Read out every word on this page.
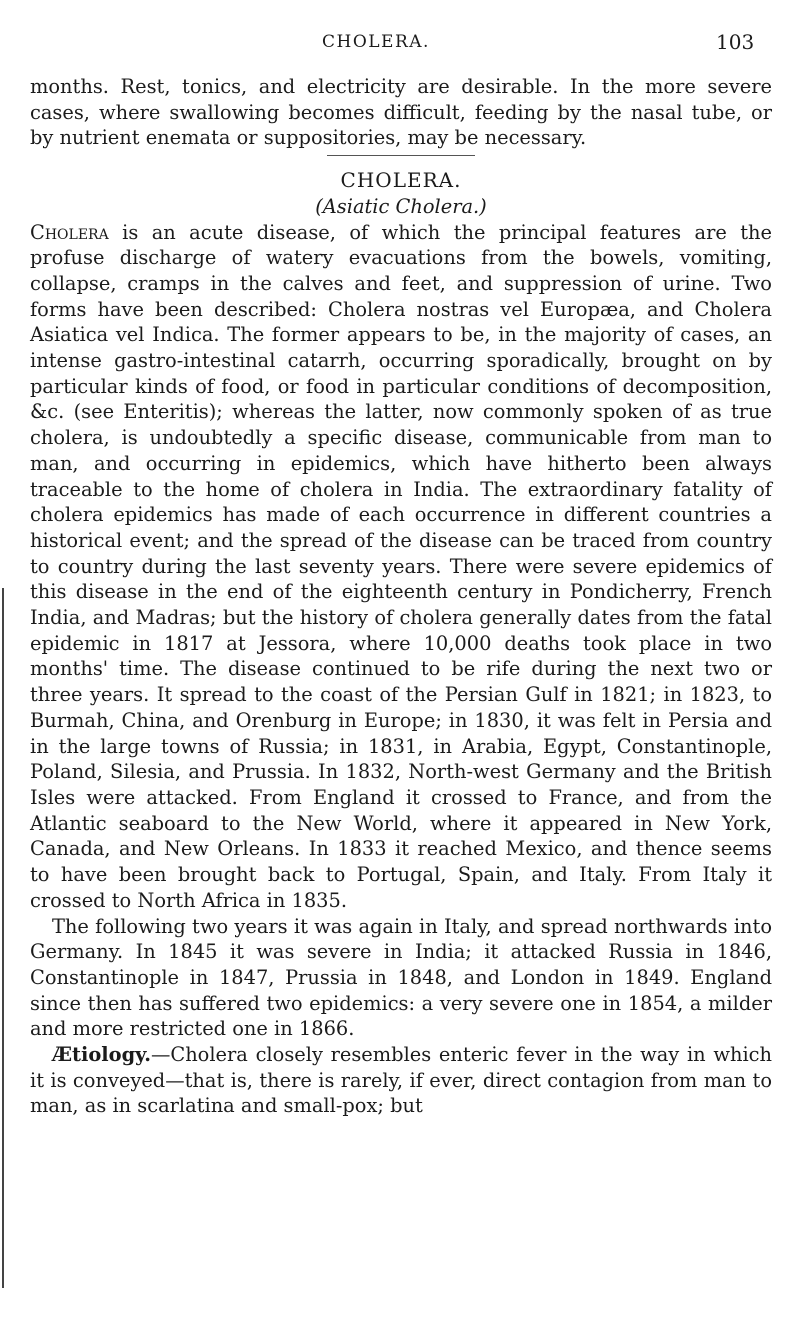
CHOLERA.	103

months. Rest, tonics, and electricity are desirable. In the more severe cases, where swallowing becomes difficult, feeding by the nasal tube, or by nutrient enemata or suppositories, may be necessary.

CHOLERA.

(Asiatic Cholera.)

Cholera is an acute disease, of which the principal features are the profuse discharge of watery evacuations from the bowels, vomiting, collapse, cramps in the calves and feet, and suppression of urine. Two forms have been described: Cholera nostras vel Europæa, and Cholera Asiatica vel Indica. The former appears to be, in the majority of cases, an intense gastro-intestinal catarrh, occurring sporadically, brought on by particular kinds of food, or food in particular conditions of decomposition, &c. (see Enteritis); whereas the latter, now commonly spoken of as true cholera, is undoubtedly a specific disease, communicable from man to man, and occurring in epidemics, which have hitherto been always traceable to the home of cholera in India. The extraordinary fatality of cholera epidemics has made of each occurrence in different countries a historical event; and the spread of the disease can be traced from country to country during the last seventy years. There were severe epidemics of this disease in the end of the eighteenth century in Pondicherry, French India, and Madras; but the history of cholera generally dates from the fatal epidemic in 1817 at Jessora, where 10,000 deaths took place in two months' time. The disease continued to be rife during the next two or three years. It spread to the coast of the Persian Gulf in 1821; in 1823, to Burmah, China, and Orenburg in Europe; in 1830, it was felt in Persia and in the large towns of Russia; in 1831, in Arabia, Egypt, Constantinople, Poland, Silesia, and Prussia. In 1832, North-west Germany and the British Isles were attacked. From England it crossed to France, and from the Atlantic seaboard to the New World, where it appeared in New York, Canada, and New Orleans. In 1833 it reached Mexico, and thence seems to have been brought back to Portugal, Spain, and Italy. From Italy it crossed to North Africa in 1835.

The following two years it was again in Italy, and spread northwards into Germany. In 1845 it was severe in India; it attacked Russia in 1846, Constantinople in 1847, Prussia in 1848, and London in 1849. England since then has suffered two epidemics: a very severe one in 1854, a milder and more restricted one in 1866.

Ætiology.—Cholera closely resembles enteric fever in the way in which it is conveyed—that is, there is rarely, if ever, direct contagion from man to man, as in scarlatina and small-pox; but
